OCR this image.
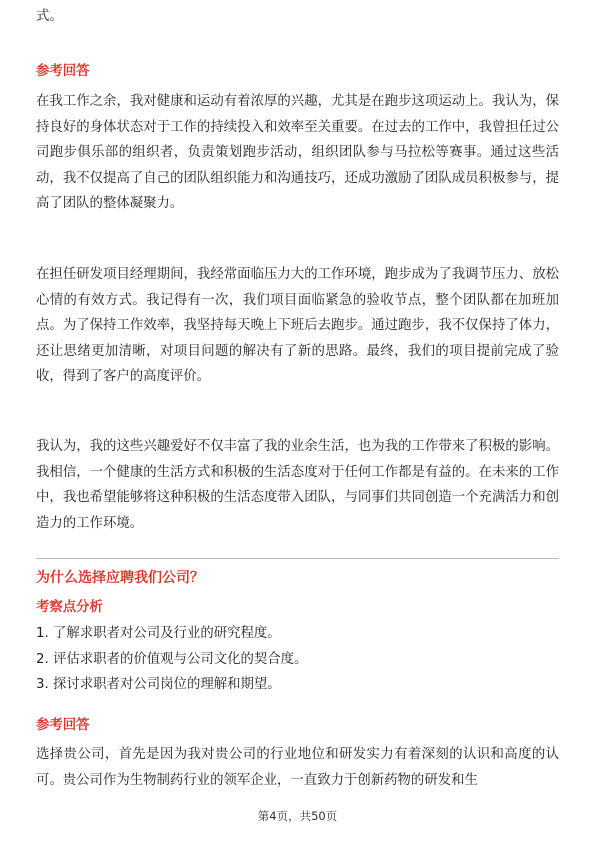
式。

参考回答

在我工作之余，我对健康和运动有着浓厚的兴趣，尤其是在跑步这项运动上。我认为，保持良好的身体状态对于工作的持续投入和效率至关重要。在过去的工作中，我曾担任过公司跑步俱乐部的组织者，负责策划跑步活动，组织团队参与马拉松等赛事。通过这些活动，我不仅提高了自己的团队组织能力和沟通技巧，还成功激励了团队成员积极参与，提高了团队的整体凝聚力。

在担任研发项目经理期间，我经常面临压力大的工作环境，跑步成为了我调节压力、放松心情的有效方式。我记得有一次，我们项目面临紧急的验收节点，整个团队都在加班加点。为了保持工作效率，我坚持每天晚上下班后去跑步。通过跑步，我不仅保持了体力，还让思绪更加清晰，对项目问题的解决有了新的思路。最终，我们的项目提前完成了验收，得到了客户的高度评价。

我认为，我的这些兴趣爱好不仅丰富了我的业余生活，也为我的工作带来了积极的影响。我相信，一个健康的生活方式和积极的生活态度对于任何工作都是有益的。在未来的工作中，我也希望能够将这种积极的生活态度带入团队，与同事们共同创造一个充满活力和创造力的工作环境。

为什么选择应聘我们公司？

考察点分析

1. 了解求职者对公司及行业的研究程度。

2. 评估求职者的价值观与公司文化的契合度。

3. 探讨求职者对公司岗位的理解和期望。

参考回答

选择贵公司，首先是因为我对贵公司的行业地位和研发实力有着深刻的认识和高度的认可。贵公司作为生物制药行业的领军企业，一直致力于创新药物的研发和生

第4页，共50页
